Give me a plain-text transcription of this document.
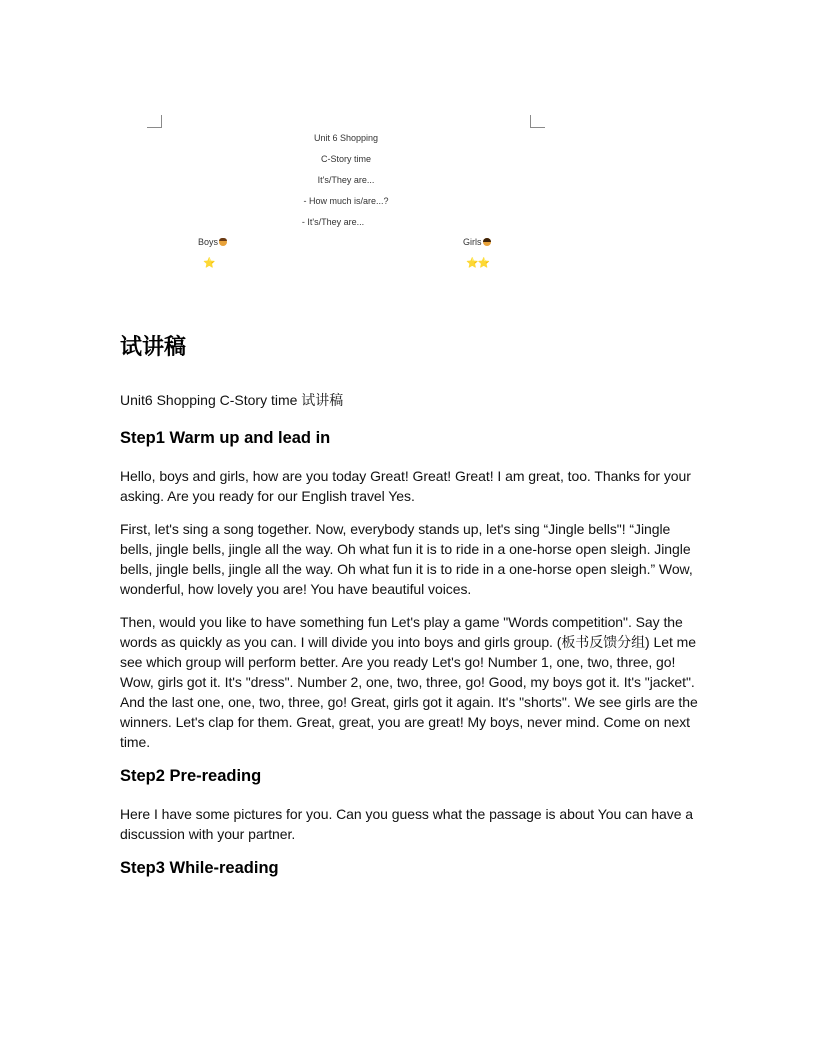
Unit 6 Shopping
C-Story time
It's/They are...
- How much is/are...?
- It's/They are...
Boys
⭐
Girls
⭐⭐
试讲稿
Unit6 Shopping C-Story time 试讲稿
Step1 Warm up and lead in

Hello, boys and girls, how are you today Great! Great! Great! I am great, too. Thanks for your asking. Are you ready for our English travel Yes.

First, let's sing a song together. Now, everybody stands up, let's sing “Jingle bells"! “Jingle bells, jingle bells, jingle all the way. Oh what fun it is to ride in a one-horse open sleigh. Jingle bells, jingle bells, jingle all the way. Oh what fun it is to ride in a one-horse open sleigh.” Wow, wonderful, how lovely you are! You have beautiful voices.

Then, would you like to have something fun Let's play a game "Words competition". Say the words as quickly as you can. I will divide you into boys and girls group. (板书反馈分组) Let me see which group will perform better. Are you ready Let's go! Number 1, one, two, three, go! Wow, girls got it. It's "dress". Number 2, one, two, three, go! Good, my boys got it. It's "jacket". And the last one, one, two, three, go! Great, girls got it again. It's "shorts". We see girls are the winners. Let's clap for them. Great, great, you are great! My boys, never mind. Come on next time.

Step2 Pre-reading

Here I have some pictures for you. Can you guess what the passage is about You can have a discussion with your partner.

Step3 While-reading
